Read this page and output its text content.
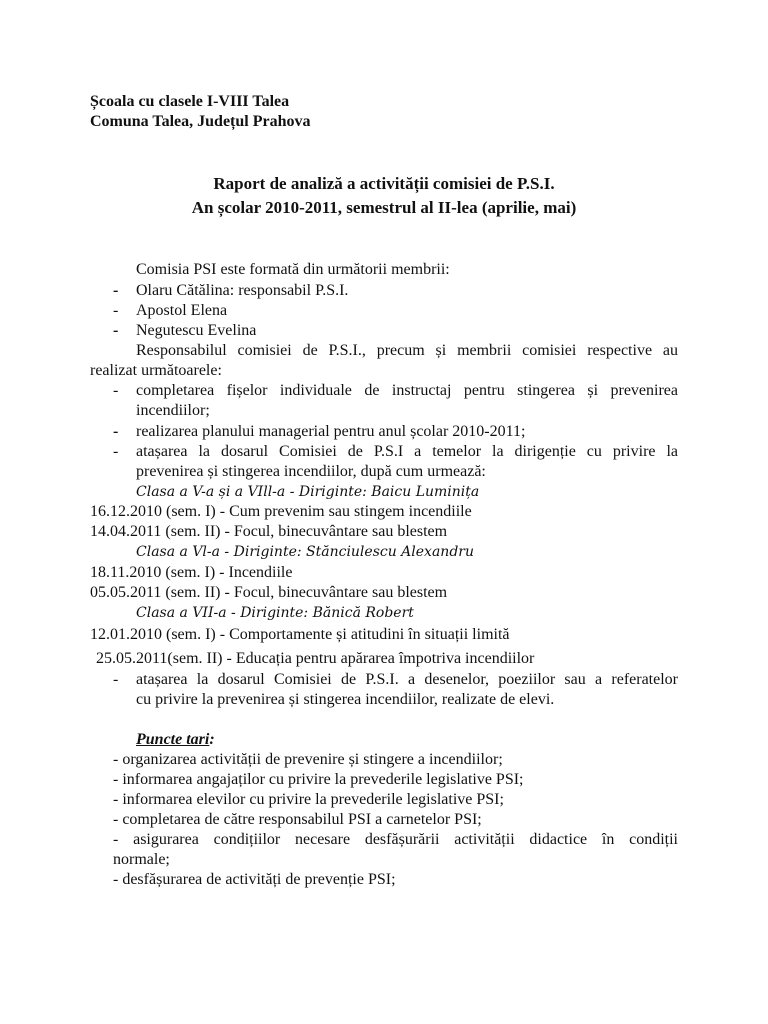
Școala cu clasele I-VIII Talea
Comuna Talea, Județul Prahova
Raport de analiză a activității comisiei de P.S.I.
An școlar 2010-2011, semestrul al II-lea (aprilie, mai)
Comisia PSI este formată din următorii membrii:
- Olaru Cătălina: responsabil P.S.I.
- Apostol Elena
- Negutescu Evelina
Responsabilul comisiei de P.S.I., precum și membrii comisiei respective au
realizat următoarele:
- completarea fișelor individuale de instructaj pentru stingerea și prevenirea
incendiilor;
- realizarea planului managerial pentru anul școlar 2010-2011;
- atașarea la dosarul Comisiei de P.S.I a temelor la dirigenție cu privire la
prevenirea și stingerea incendiilor, după cum urmează:
Clasa a V-a și a VIll-a - Diriginte: Baicu Luminița
16.12.2010 (sem. I) - Cum prevenim sau stingem incendiile
14.04.2011 (sem. II) - Focul, binecuvântare sau blestem
Clasa a Vl-a - Diriginte: Stănciulescu Alexandru
18.11.2010 (sem. I) - Incendiile
05.05.2011 (sem. II) - Focul, binecuvântare sau blestem
Clasa a VII-a - Diriginte: Bănică Robert
12.01.2010 (sem. I) - Comportamente și atitudini în situații limită
25.05.2011(sem. II) - Educația pentru apărarea împotriva incendiilor
- atașarea la dosarul Comisiei de P.S.I. a desenelor, poeziilor sau a referatelor
cu privire la prevenirea și stingerea incendiilor, realizate de elevi.
Puncte tari:
- organizarea activității de prevenire și stingere a incendiilor;
- informarea angajaților cu privire la prevederile legislative PSI;
- informarea elevilor cu privire la prevederile legislative PSI;
- completarea de către responsabilul PSI a carnetelor PSI;
- asigurarea condițiilor necesare desfășurării activității didactice în condiții
normale;
- desfășurarea de activități de prevenție PSI;
